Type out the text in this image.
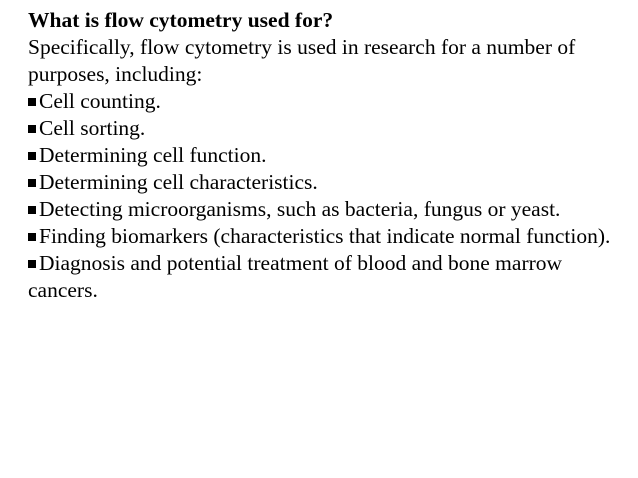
What is flow cytometry used for?

Specifically, flow cytometry is used in research for a number of purposes, including:

Cell counting.
Cell sorting.
Determining cell function.
Determining cell characteristics.
Detecting microorganisms, such as bacteria, fungus or yeast.
Finding biomarkers (characteristics that indicate normal function).
Diagnosis and potential treatment of blood and bone marrow cancers.
